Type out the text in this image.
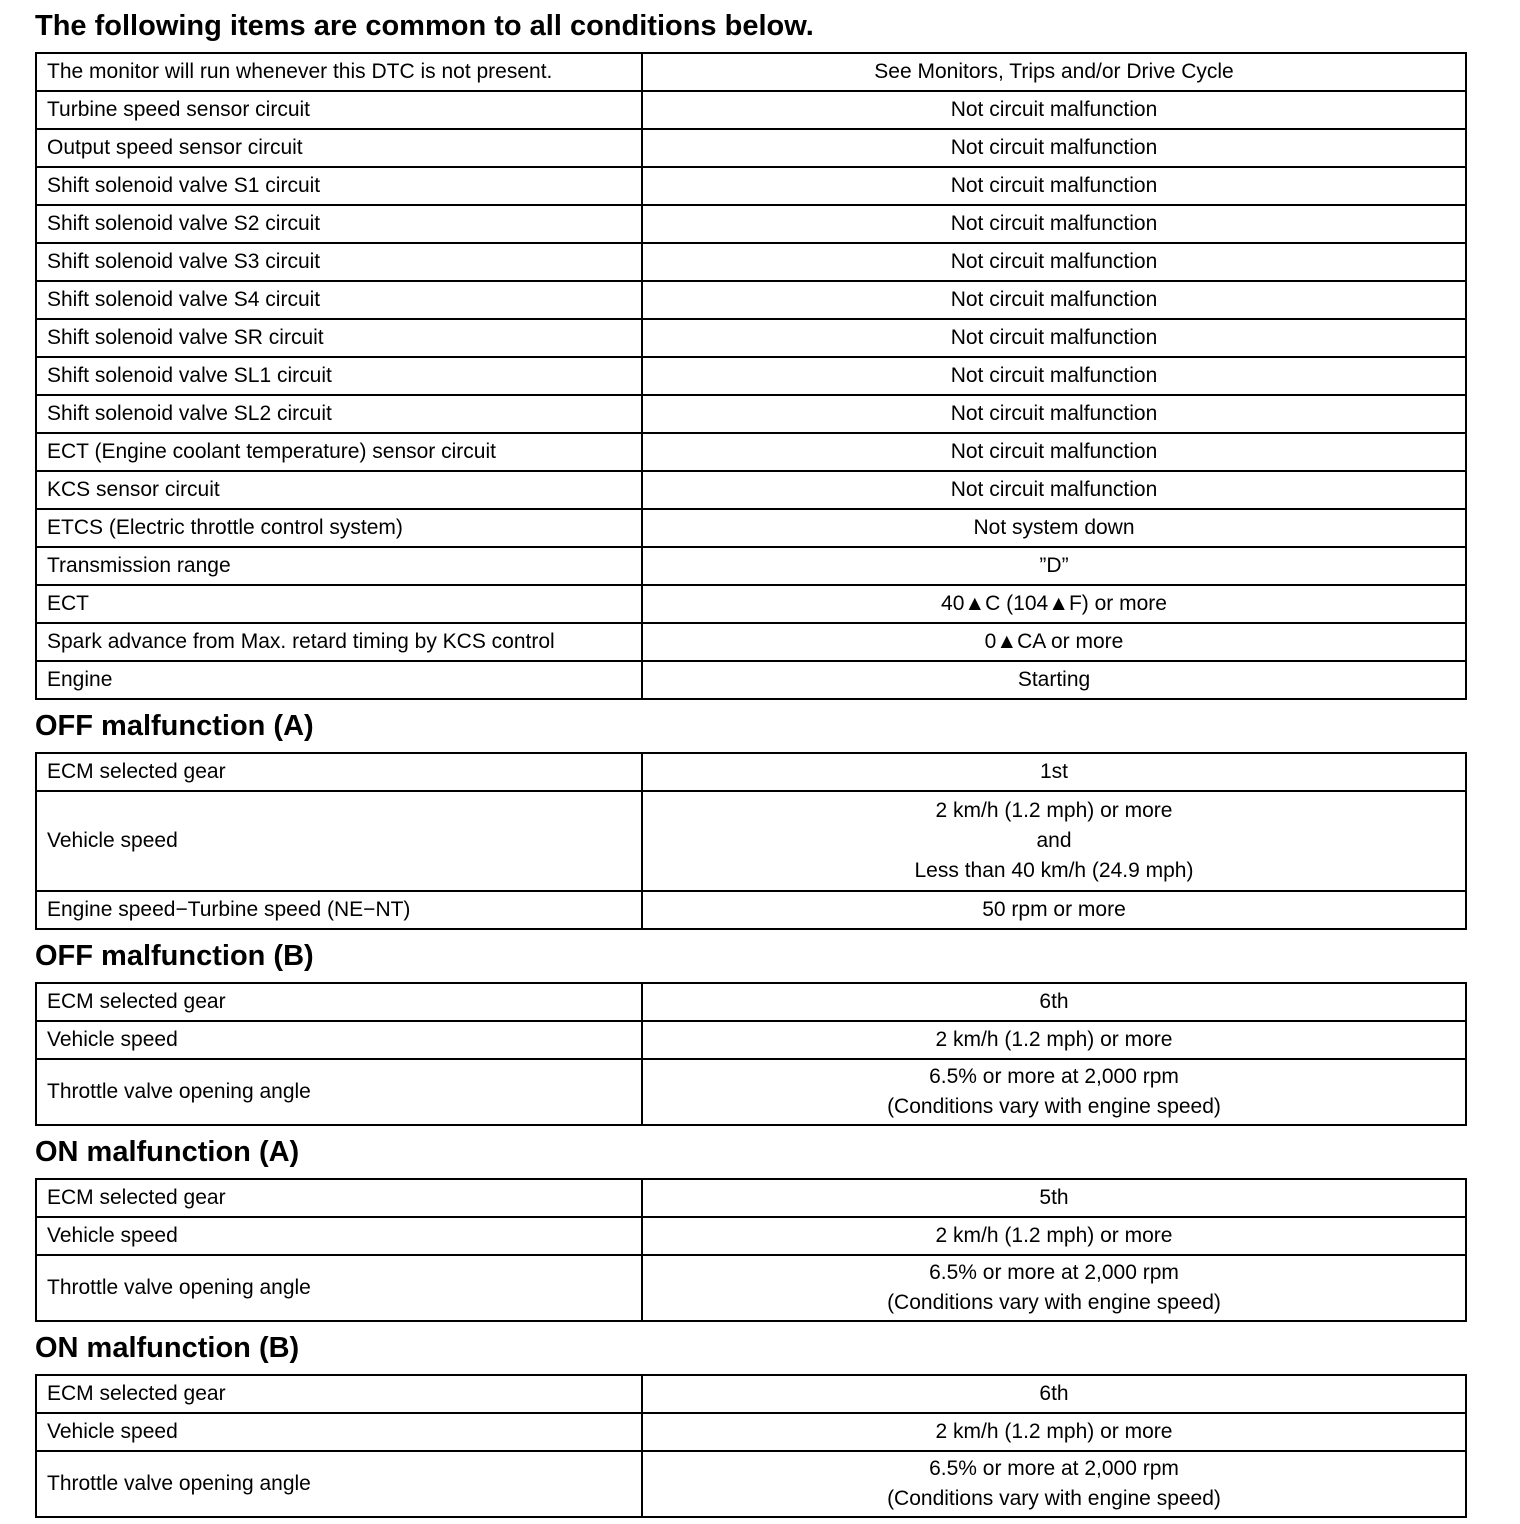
The following items are common to all conditions below.
The monitor will run whenever this DTC is not present.	See Monitors, Trips and/or Drive Cycle

Turbine speed sensor circuit	Not circuit malfunction

Output speed sensor circuit	Not circuit malfunction

Shift solenoid valve S1 circuit	Not circuit malfunction

Shift solenoid valve S2 circuit	Not circuit malfunction

Shift solenoid valve S3 circuit	Not circuit malfunction

Shift solenoid valve S4 circuit	Not circuit malfunction

Shift solenoid valve SR circuit	Not circuit malfunction

Shift solenoid valve SL1 circuit	Not circuit malfunction

Shift solenoid valve SL2 circuit	Not circuit malfunction

ECT (Engine coolant temperature) sensor circuit	Not circuit malfunction

KCS sensor circuit	Not circuit malfunction

ETCS (Electric throttle control system)	Not system down

Transmission range	”D”

ECT	40▲C (104▲F) or more

Spark advance from Max. retard timing by KCS control	0▲CA or more

Engine	Starting
OFF malfunction (A)
ECM selected gear	1st

Vehicle speed	2 km/h (1.2 mph) or more
and
Less than 40 km/h (24.9 mph)

Engine speed−Turbine speed (NE−NT)	50 rpm or more
OFF malfunction (B)
ECM selected gear	6th

Vehicle speed	2 km/h (1.2 mph) or more

Throttle valve opening angle	6.5% or more at 2,000 rpm
(Conditions vary with engine speed)
ON malfunction (A)
ECM selected gear	5th

Vehicle speed	2 km/h (1.2 mph) or more

Throttle valve opening angle	6.5% or more at 2,000 rpm
(Conditions vary with engine speed)
ON malfunction (B)
ECM selected gear	6th

Vehicle speed	2 km/h (1.2 mph) or more

Throttle valve opening angle	6.5% or more at 2,000 rpm
(Conditions vary with engine speed)
